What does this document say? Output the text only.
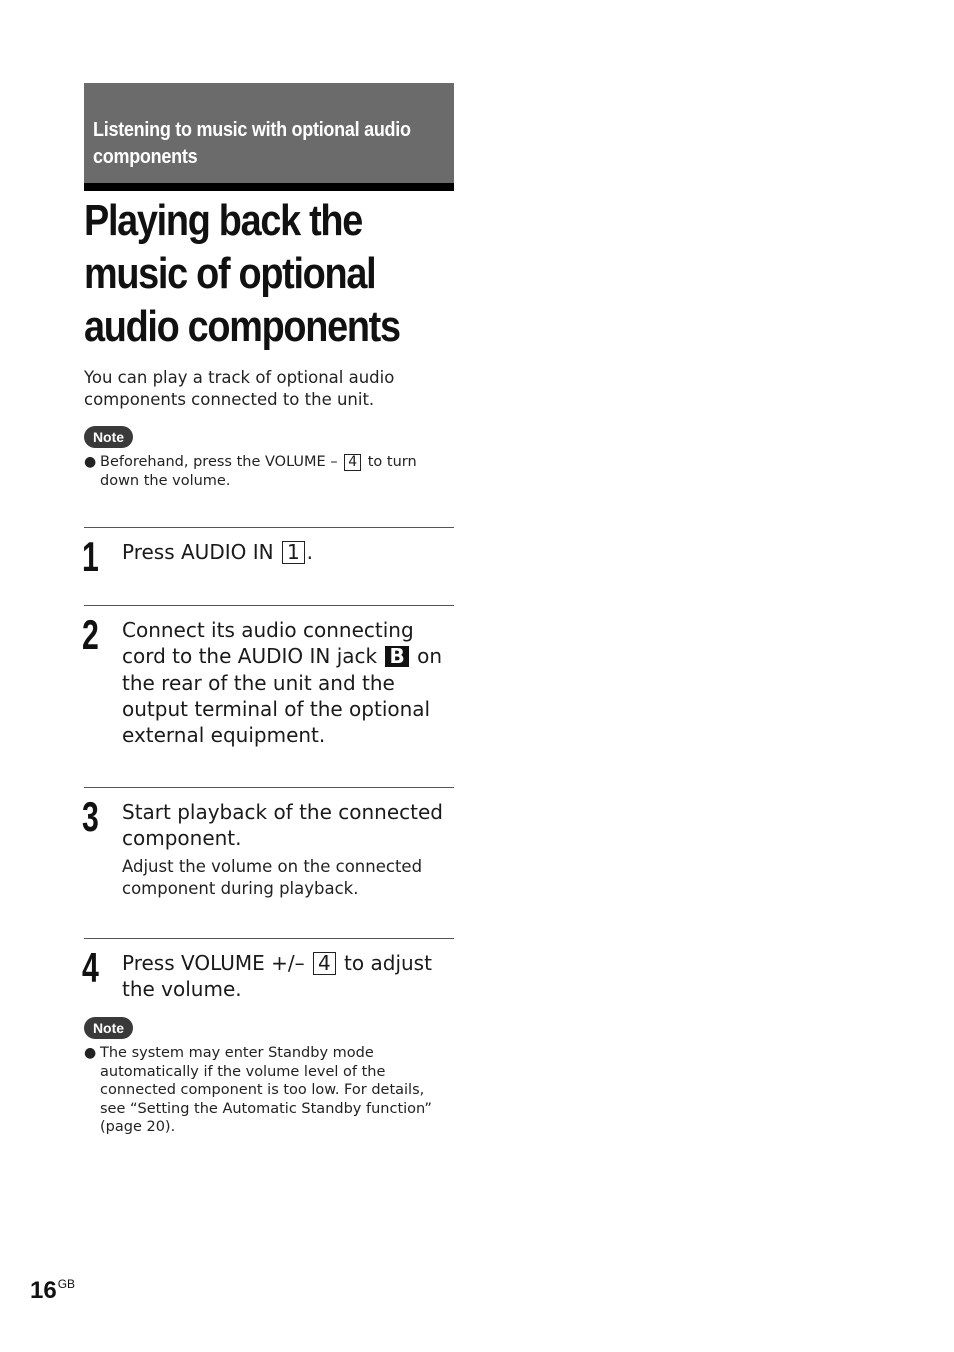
Listening to music with optional audio components
Playing back the music of optional audio components

You can play a track of optional audio components connected to the unit.

Note
● Beforehand, press the VOLUME – 4 to turn down the volume.
1 Press AUDIO IN 1 .

2 Connect its audio connecting cord to the AUDIO IN jack B on the rear of the unit and the output terminal of the optional external equipment.

3 Start playback of the connected component.

Adjust the volume on the connected component during playback.

4 Press VOLUME +/– 4 to adjust the volume.

Note
● The system may enter Standby mode automatically if the volume level of the connected component is too low. For details, see “Setting the Automatic Standby function” (page 20).
$16^{GB}$
